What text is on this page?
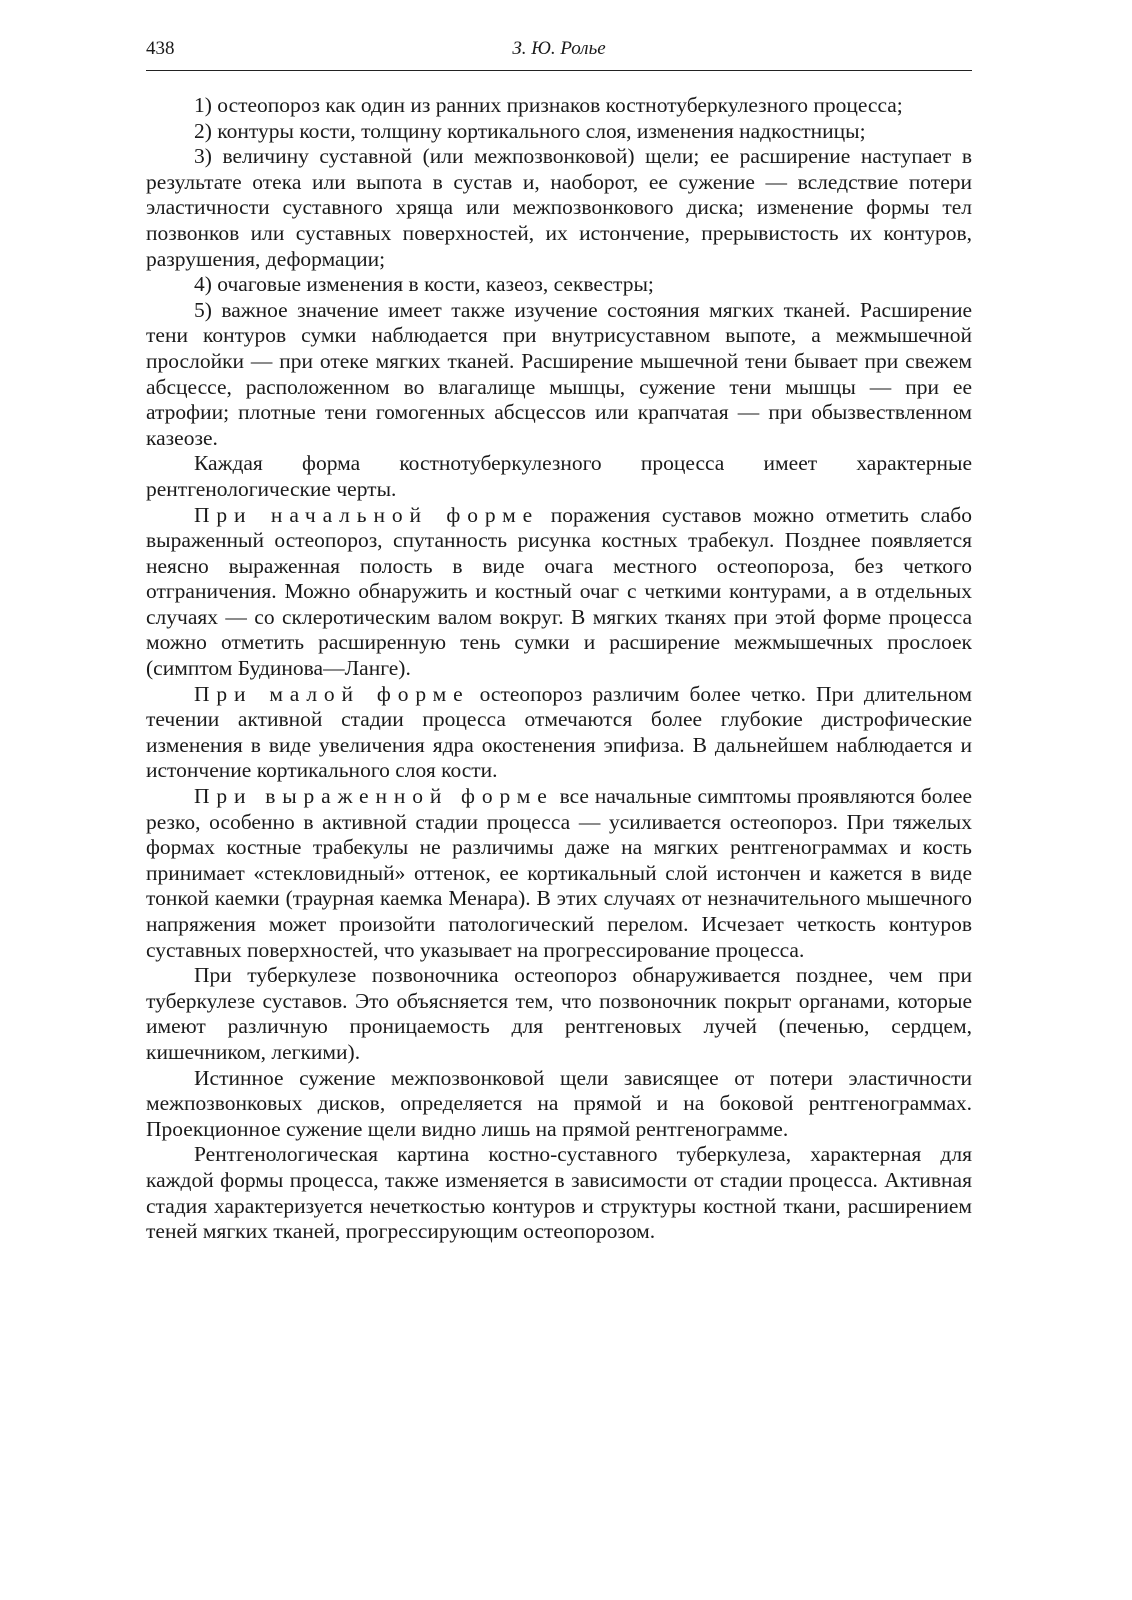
438	З. Ю. Ролье

1) остеопороз как один из ранних признаков костнотуберкулезного процесса;

2) контуры кости, толщину кортикального слоя, изменения надкостницы;

3) величину суставной (или межпозвонковой) щели; ее расширение наступает в результате отека или выпота в сустав и, наоборот, ее сужение — вследствие потери эластичности суставного хряща или межпозвонкового диска; изменение формы тел позвонков или суставных поверхностей, их истончение, прерывистость их контуров, разрушения, деформации;

4) очаговые изменения в кости, казеоз, секвестры;

5) важное значение имеет также изучение состояния мягких тканей. Расширение тени контуров сумки наблюдается при внутрисуставном выпоте, а межмышечной прослойки — при отеке мягких тканей. Расширение мышечной тени бывает при свежем абсцессе, расположенном во влагалище мышцы, сужение тени мышцы — при ее атрофии; плотные тени гомогенных абсцессов или крапчатая — при обызвествленном казеозе.

Каждая форма костнотуберкулезного процесса имеет характерные рентгенологические черты.

При начальной форме поражения суставов можно отметить слабо выраженный остеопороз, спутанность рисунка костных трабекул. Позднее появляется неясно выраженная полость в виде очага местного остеопороза, без четкого отграничения. Можно обнаружить и костный очаг с четкими контурами, а в отдельных случаях — со склеротическим валом вокруг. В мягких тканях при этой форме процесса можно отметить расширенную тень сумки и расширение межмышечных прослоек (симптом Будинова—Ланге).

При малой форме остеопороз различим более четко. При длительном течении активной стадии процесса отмечаются более глубокие дистрофические изменения в виде увеличения ядра окостенения эпифиза. В дальнейшем наблюдается и истончение кортикального слоя кости.

При выраженной форме все начальные симптомы проявляются более резко, особенно в активной стадии процесса — усиливается остеопороз. При тяжелых формах костные трабекулы не различимы даже на мягких рентгенограммах и кость принимает «стекловидный» оттенок, ее кортикальный слой истончен и кажется в виде тонкой каемки (траурная каемка Менара). В этих случаях от незначительного мышечного напряжения может произойти патологический перелом. Исчезает четкость контуров суставных поверхностей, что указывает на прогрессирование процесса.

При туберкулезе позвоночника остеопороз обнаруживается позднее, чем при туберкулезе суставов. Это объясняется тем, что позвоночник покрыт органами, которые имеют различную проницаемость для рентгеновых лучей (печенью, сердцем, кишечником, легкими).

Истинное сужение межпозвонковой щели зависящее от потери эластичности межпозвонковых дисков, определяется на прямой и на боковой рентгенограммах. Проекционное сужение щели видно лишь на прямой рентгенограмме.

Рентгенологическая картина костно-суставного туберкулеза, характерная для каждой формы процесса, также изменяется в зависимости от стадии процесса. Активная стадия характеризуется нечеткостью контуров и структуры костной ткани, расширением теней мягких тканей, прогрессирующим остеопорозом.
